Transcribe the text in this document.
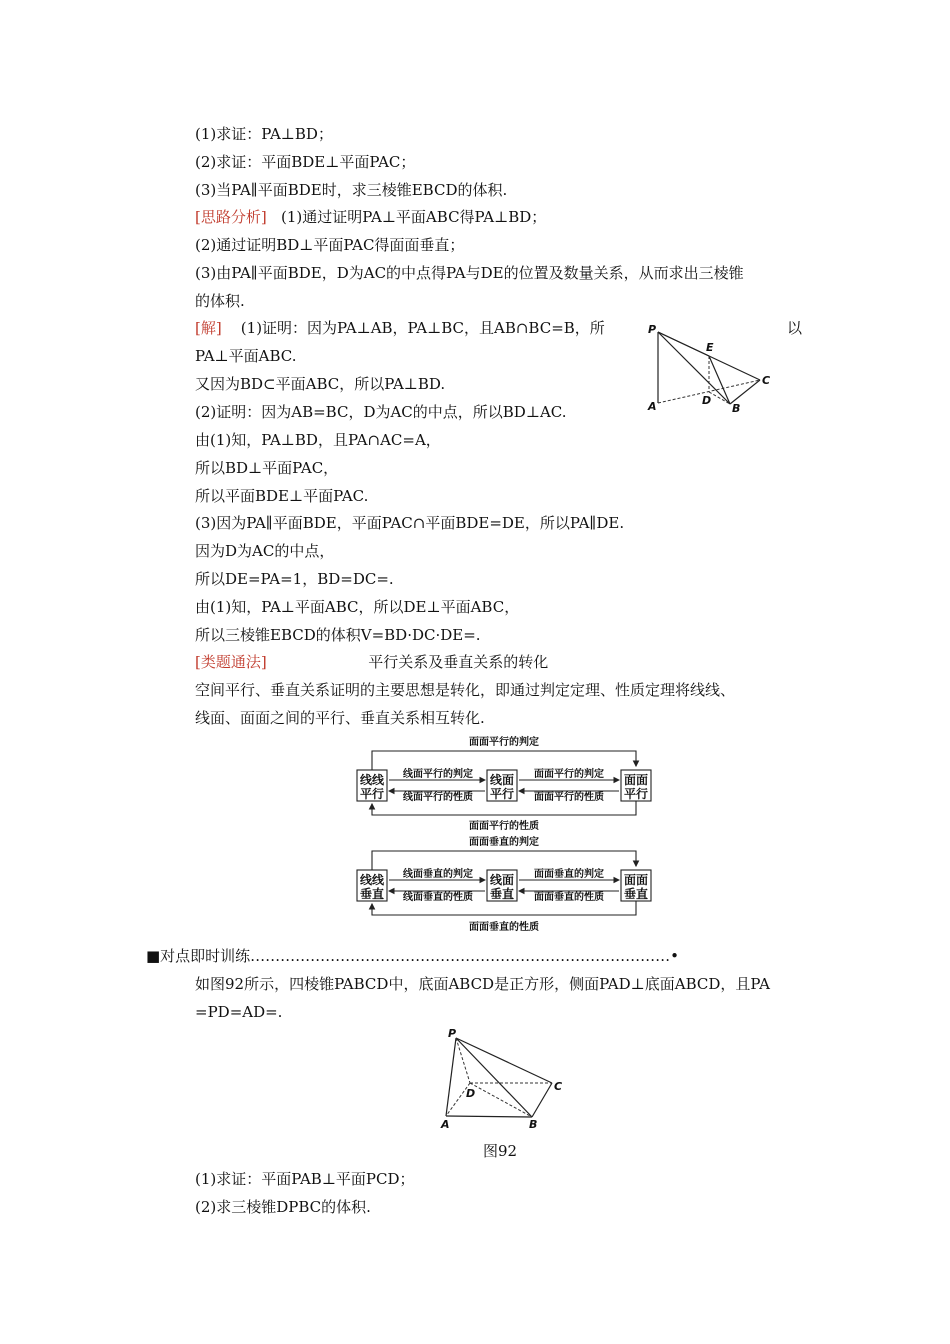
(1)求证：PA⊥BD；
(2)求证：平面BDE⊥平面PAC；
(3)当PA∥平面BDE时，求三棱锥EBCD的体积.
[思路分析] (1)通过证明PA⊥平面ABC得PA⊥BD；
(2)通过证明BD⊥平面PAC得面面垂直；
(3)由PA∥平面BDE，D为AC的中点得PA与DE的位置及数量关系，从而求出三棱锥
的体积.
[解] (1)证明：因为PA⊥AB，PA⊥BC，且AB∩BC=B，所	以
PA⊥平面ABC.
又因为BD⊂平面ABC，所以PA⊥BD.
(2)证明：因为AB=BC，D为AC的中点，所以BD⊥AC.
由(1)知，PA⊥BD，且PA∩AC=A，
所以BD⊥平面PAC，
所以平面BDE⊥平面PAC.
(3)因为PA∥平面BDE，平面PAC∩平面BDE=DE，所以PA∥DE.
因为D为AC的中点，
所以DE=PA=1，BD=DC=.
由(1)知，PA⊥平面ABC，所以DE⊥平面ABC，
所以三棱锥EBCD的体积V=BD·DC·DE=.
[类题通法]	平行关系及垂直关系的转化
空间平行、垂直关系证明的主要思想是转化，即通过判定定理、性质定理将线线、
线面、面面之间的平行、垂直关系相互转化.
P
E
C
A	D
B
面面平行的判定
面面平行的性质
线面平行的判定
线面平行的性质
面面平行的判定
面面平行的性质
线线
平行
线面
平行
面面
平行
面面垂直的判定
面面垂直的性质
线面垂直的判定
线面垂直的性质
面面垂直的判定
面面垂直的性质
线线
垂直
线面
垂直
面面
垂直
■对点即时训练…………………………………………………………………………•
如图92所示，四棱锥PABCD中，底面ABCD是正方形，侧面PAD⊥底面ABCD，且PA
=PD=AD=.
P
C
D
A	B
图92
(1)求证：平面PAB⊥平面PCD；
(2)求三棱锥DPBC的体积.
